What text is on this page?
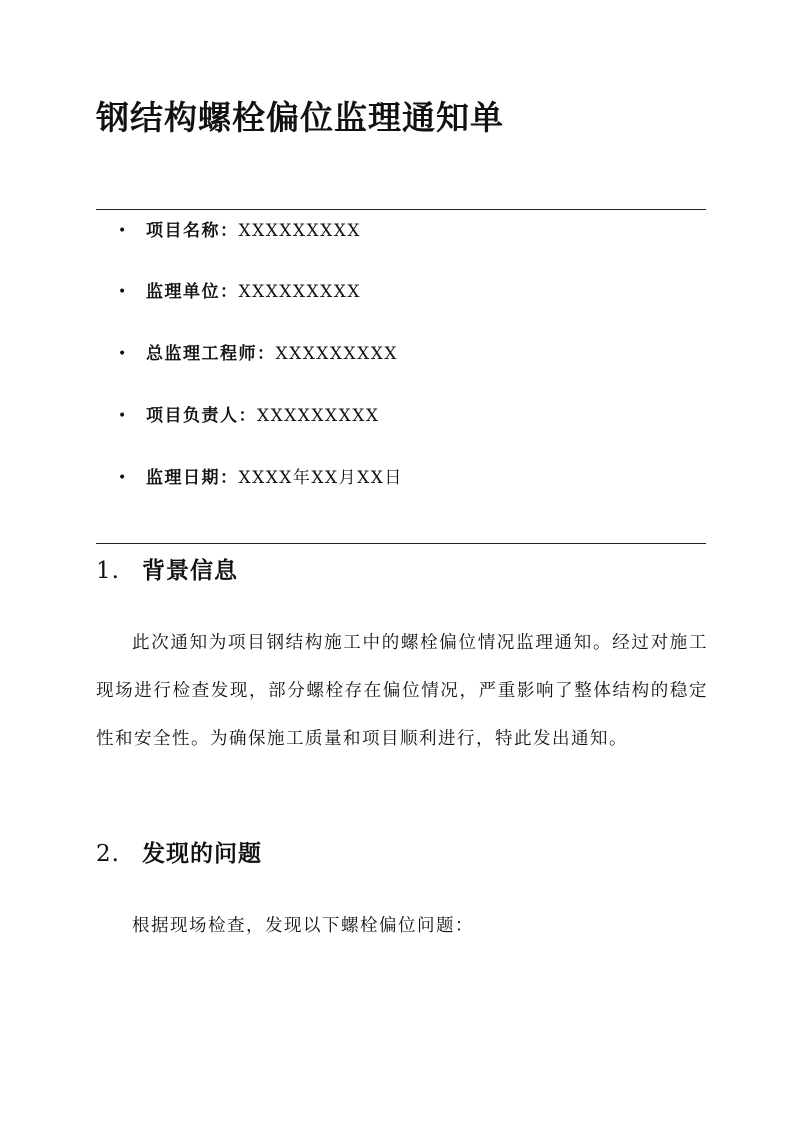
钢结构螺栓偏位监理通知单
• 项目名称：XXXXXXXXX
• 监理单位：XXXXXXXXX
• 总监理工程师：XXXXXXXXX
• 项目负责人：XXXXXXXXX
• 监理日期：XXXX年XX月XX日
1. 背景信息

此次通知为项目钢结构施工中的螺栓偏位情况监理通知。经过对施工现场进行检查发现，部分螺栓存在偏位情况，严重影响了整体结构的稳定性和安全性。为确保施工质量和项目顺利进行，特此发出通知。

2. 发现的问题

根据现场检查，发现以下螺栓偏位问题：
